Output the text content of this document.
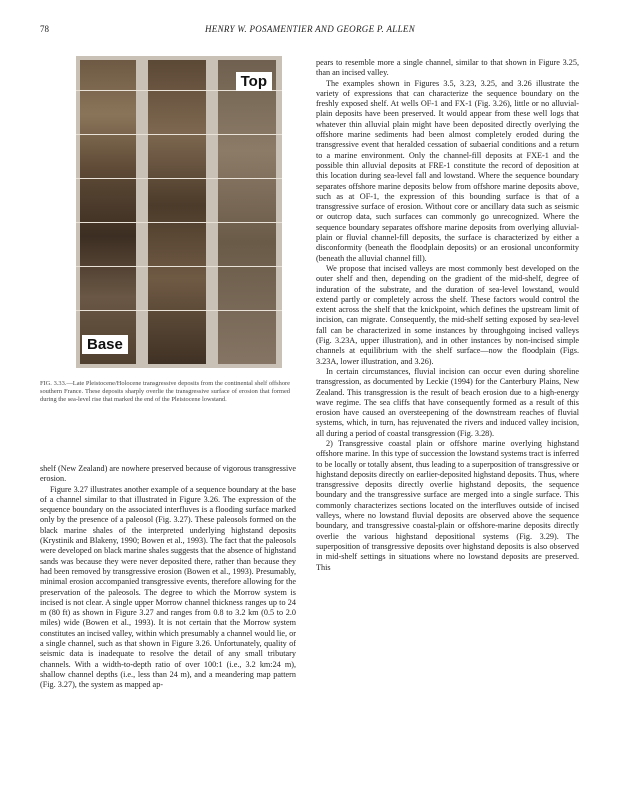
78	HENRY W. POSAMENTIER AND GEORGE P. ALLEN
Top
Base
FIG. 3.33.—Late Pleistocene/Holocene transgressive deposits from the continental shelf offshore southern France. These deposits sharply overlie the transgressive surface of erosion that formed during the sea-level rise that marked the end of the Pleistocene lowstand.

shelf (New Zealand) are nowhere preserved because of vigorous transgressive erosion.

Figure 3.27 illustrates another example of a sequence boundary at the base of a channel similar to that illustrated in Figure 3.26. The expression of the sequence boundary on the associated interfluves is a flooding surface marked only by the presence of a paleosol (Fig. 3.27). These paleosols formed on the black marine shales of the interpreted underlying highstand deposits (Krystinik and Blakeny, 1990; Bowen et al., 1993). The fact that the paleosols were developed on black marine shales suggests that the absence of highstand sands was because they were never deposited there, rather than because they had been removed by transgressive erosion (Bowen et al., 1993). Presumably, minimal erosion accompanied transgressive events, therefore allowing for the preservation of the paleosols. The degree to which the Morrow system is incised is not clear. A single upper Morrow channel thickness ranges up to 24 m (80 ft) as shown in Figure 3.27 and ranges from 0.8 to 3.2 km (0.5 to 2.0 miles) wide (Bowen et al., 1993). It is not certain that the Morrow system constitutes an incised valley, within which presumably a channel would lie, or a single channel, such as that shown in Figure 3.26. Unfortunately, quality of seismic data is inadequate to resolve the detail of any small tributary channels. With a width-to-depth ratio of over 100:1 (i.e., 3.2 km:24 m), shallow channel depths (i.e., less than 24 m), and a meandering map pattern (Fig. 3.27), the system as mapped ap-

pears to resemble more a single channel, similar to that shown in Figure 3.25, than an incised valley.

The examples shown in Figures 3.5, 3.23, 3.25, and 3.26 illustrate the variety of expressions that can characterize the sequence boundary on the freshly exposed shelf. At wells OF-1 and FX-1 (Fig. 3.26), little or no alluvial-plain deposits have been preserved. It would appear from these well logs that whatever thin alluvial plain might have been deposited directly overlying the offshore marine sediments had been almost completely eroded during the transgressive event that heralded cessation of subaerial conditions and a return to a marine environment. Only the channel-fill deposits at FXE-1 and the possible thin alluvial deposits at FRE-1 constitute the record of deposition at this location during sea-level fall and lowstand. Where the sequence boundary separates offshore marine deposits below from offshore marine deposits above, such as at OF-1, the expression of this bounding surface is that of a transgressive surface of erosion. Without core or ancillary data such as seismic or outcrop data, such surfaces can commonly go unrecognized. Where the sequence boundary separates offshore marine deposits from overlying alluvial-plain or fluvial channel-fill deposits, the surface is characterized by either a disconformity (beneath the floodplain deposits) or an erosional unconformity (beneath the alluvial channel fill).

We propose that incised valleys are most commonly best developed on the outer shelf and then, depending on the gradient of the mid-shelf, degree of induration of the substrate, and the duration of sea-level lowstand, would extend partly or completely across the shelf. These factors would control the extent across the shelf that the knickpoint, which defines the upstream limit of incision, can migrate. Consequently, the mid-shelf setting exposed by sea-level fall can be characterized in some instances by throughgoing incised valleys (Fig. 3.23A, upper illustration), and in other instances by non-incised simple channels at equilibrium with the shelf surface—now the floodplain (Figs. 3.23A, lower illustration, and 3.26).

In certain circumstances, fluvial incision can occur even during shoreline transgression, as documented by Leckie (1994) for the Canterbury Plains, New Zealand. This transgression is the result of beach erosion due to a high-energy wave regime. The sea cliffs that have consequently formed as a result of this erosion have caused an oversteepening of the downstream reaches of fluvial systems, which, in turn, has rejuvenated the rivers and induced valley incision, all during a period of coastal transgression (Fig. 3.28).

2) Transgressive coastal plain or offshore marine overlying highstand offshore marine. In this type of succession the lowstand systems tract is inferred to be locally or totally absent, thus leading to a superposition of transgressive or highstand deposits directly on earlier-deposited highstand deposits. Thus, where transgressive deposits directly overlie highstand deposits, the sequence boundary and the transgressive surface are merged into a single surface. This commonly characterizes sections located on the interfluves outside of incised valleys, where no lowstand fluvial deposits are observed above the sequence boundary, and transgressive coastal-plain or offshore-marine deposits directly overlie the various highstand depositional systems (Fig. 3.29). The superposition of transgressive deposits over highstand deposits is also observed in mid-shelf settings in situations where no lowstand deposits are preserved. This
